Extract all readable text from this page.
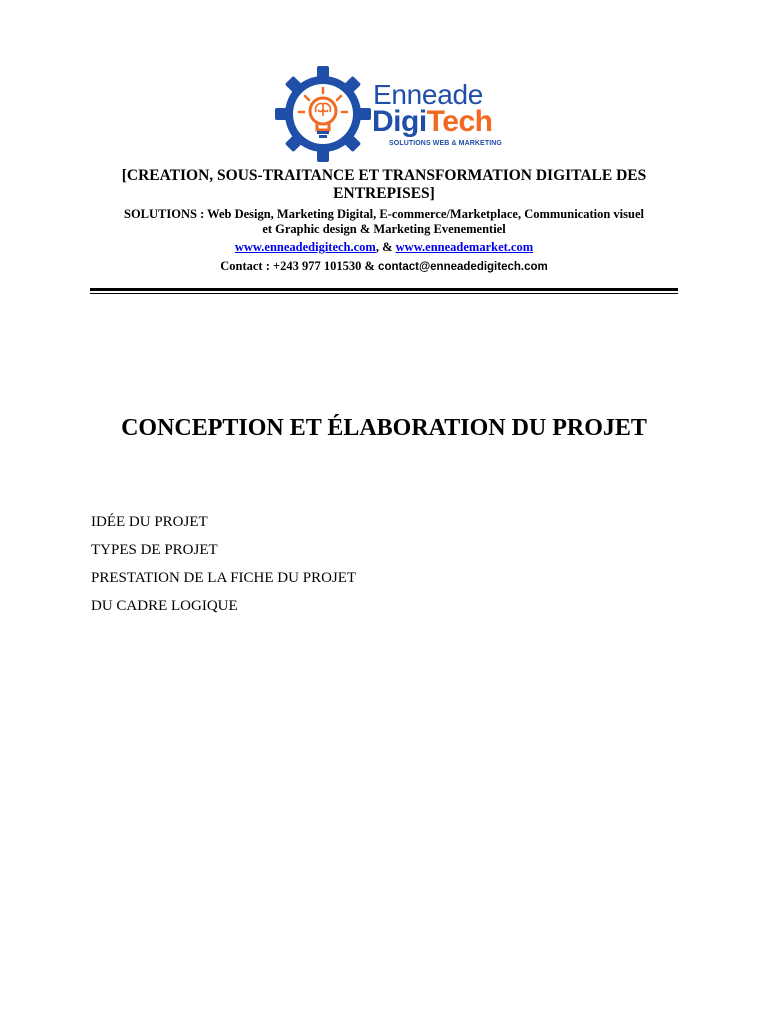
Enneade
DigiTech
SOLUTIONS WEB & MARKETING
[CREATION, SOUS-TRAITANCE ET TRANSFORMATION DIGITALE DES
ENTREPISES]
SOLUTIONS : Web Design, Marketing Digital, E-commerce/Marketplace, Communication visuel
et Graphic design & Marketing Evenementiel
www.enneadedigitech.com, & www.enneademarket.com
Contact : +243 977 101530 & contact@enneadedigitech.com
CONCEPTION ET ÉLABORATION DU PROJET
IDÉE DU PROJET
TYPES DE PROJET
PRESTATION DE LA FICHE DU PROJET
DU CADRE LOGIQUE
